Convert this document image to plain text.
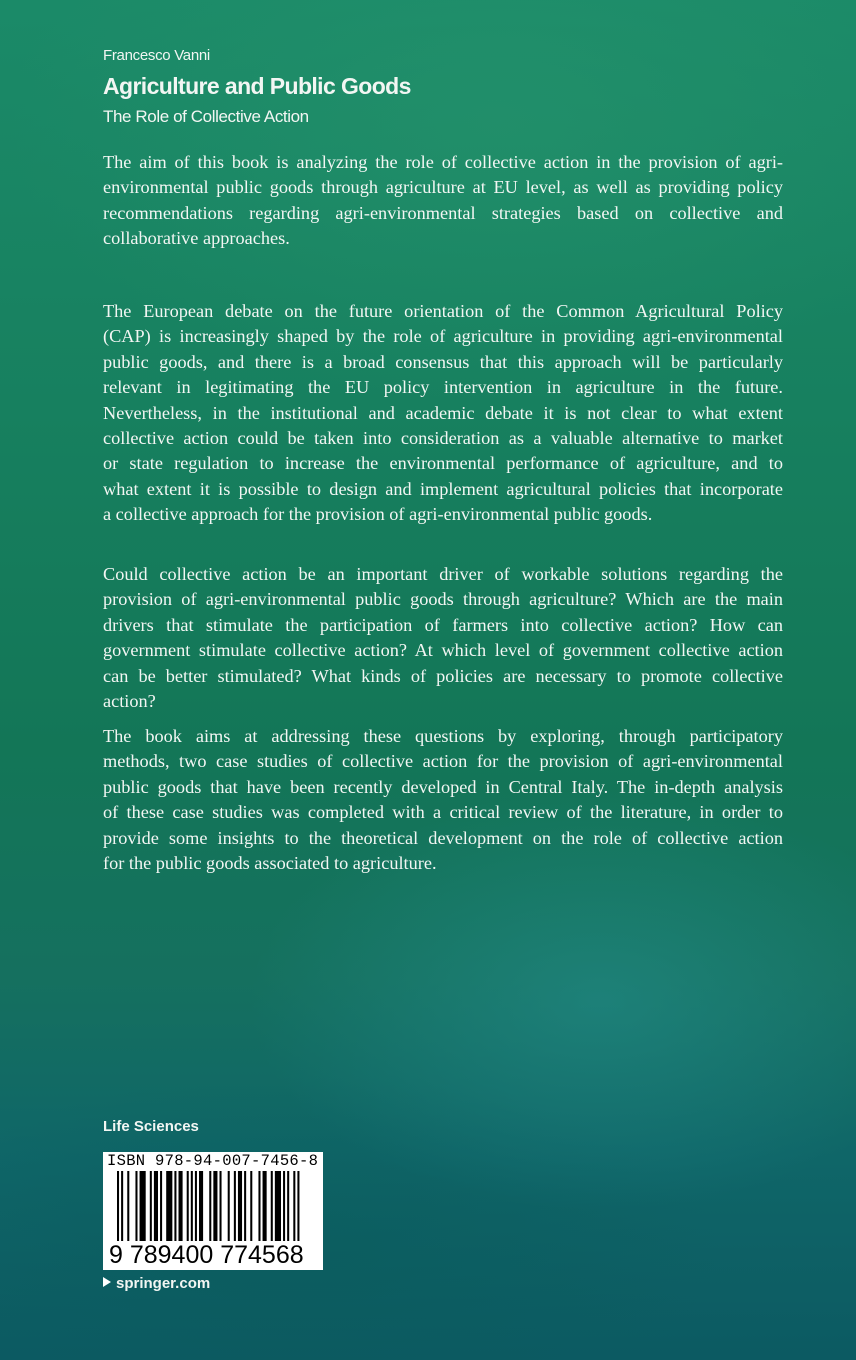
Francesco Vanni
Agriculture and Public Goods
The Role of Collective Action
The aim of this book is analyzing the role of collective action in the provision of agri-
environmental public goods through agriculture at EU level, as well as providing policy
recommendations regarding agri-environmental strategies based on collective and
collaborative approaches.
The European debate on the future orientation of the Common Agricultural Policy
(CAP) is increasingly shaped by the role of agriculture in providing agri-environmental
public goods, and there is a broad consensus that this approach will be particularly
relevant in legitimating the EU policy intervention in agriculture in the future.
Nevertheless, in the institutional and academic debate it is not clear to what extent
collective action could be taken into consideration as a valuable alternative to market
or state regulation to increase the environmental performance of agriculture, and to
what extent it is possible to design and implement agricultural policies that incorporate
a collective approach for the provision of agri-environmental public goods.
Could collective action be an important driver of workable solutions regarding the
provision of agri-environmental public goods through agriculture? Which are the main
drivers that stimulate the participation of farmers into collective action? How can
government stimulate collective action? At which level of government collective action
can be better stimulated? What kinds of policies are necessary to promote collective
action?
The book aims at addressing these questions by exploring, through participatory
methods, two case studies of collective action for the provision of agri-environmental
public goods that have been recently developed in Central Italy. The in-depth analysis
of these case studies was completed with a critical review of the literature, in order to
provide some insights to the theoretical development on the role of collective action
for the public goods associated to agriculture.
Life Sciences
ISBN 978-94-007-7456-8
9 789400 774568
springer.com
